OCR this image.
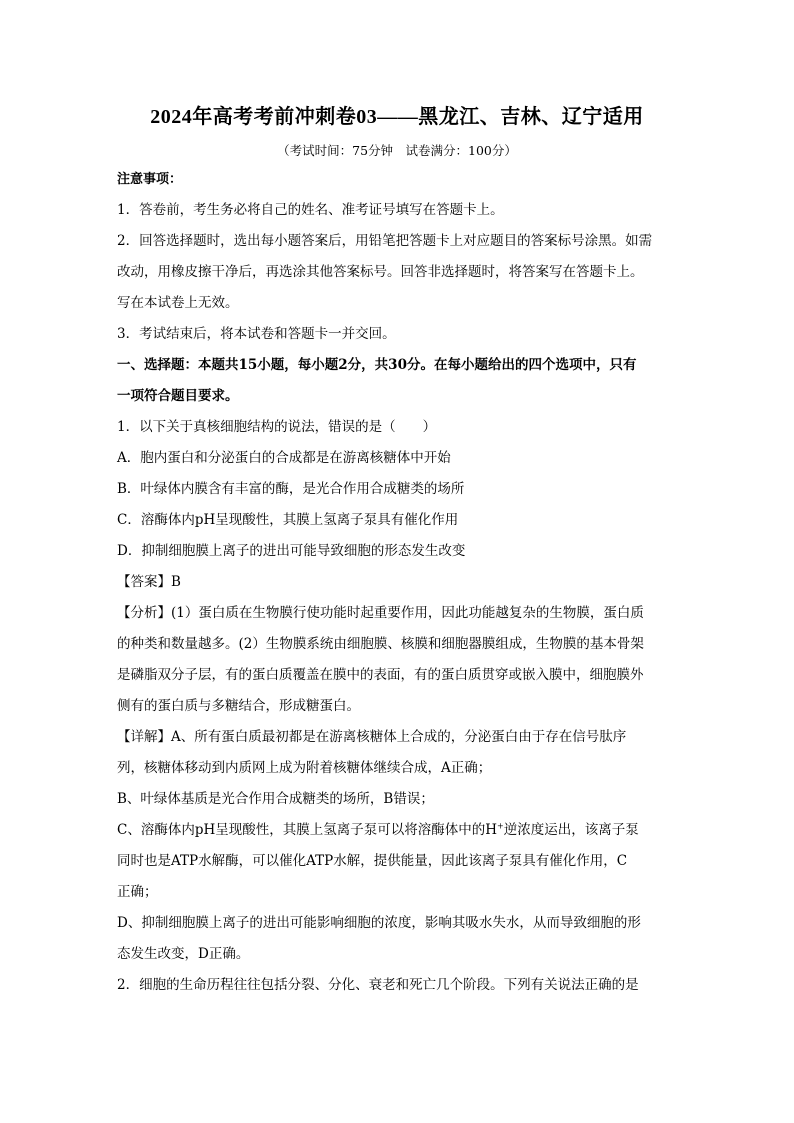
2024年高考考前冲刺卷03——黑龙江、吉林、辽宁适用
（考试时间：75分钟　试卷满分：100分）
注意事项：
1．答卷前，考生务必将自己的姓名、准考证号填写在答题卡上。
2．回答选择题时，选出每小题答案后，用铅笔把答题卡上对应题目的答案标号涂黑。如需
改动，用橡皮擦干净后，再选涂其他答案标号。回答非选择题时，将答案写在答题卡上。
写在本试卷上无效。
3．考试结束后，将本试卷和答题卡一并交回。
一、选择题：本题共15小题，每小题2分，共30分。在每小题给出的四个选项中，只有
一项符合题目要求。
1．以下关于真核细胞结构的说法，错误的是（　　）
A．胞内蛋白和分泌蛋白的合成都是在游离核糖体中开始
B．叶绿体内膜含有丰富的酶，是光合作用合成糖类的场所
C．溶酶体内pH呈现酸性，其膜上氢离子泵具有催化作用
D．抑制细胞膜上离子的进出可能导致细胞的形态发生改变
【答案】B
【分析】(1）蛋白质在生物膜行使功能时起重要作用，因此功能越复杂的生物膜，蛋白质
的种类和数量越多。(2）生物膜系统由细胞膜、核膜和细胞器膜组成，生物膜的基本骨架
是磷脂双分子层，有的蛋白质覆盖在膜中的表面，有的蛋白质贯穿或嵌入膜中，细胞膜外
侧有的蛋白质与多糖结合，形成糖蛋白。
【详解】A、所有蛋白质最初都是在游离核糖体上合成的，分泌蛋白由于存在信号肽序
列，核糖体移动到内质网上成为附着核糖体继续合成，A正确；
B、叶绿体基质是光合作用合成糖类的场所，B错误；
C、溶酶体内pH呈现酸性，其膜上氢离子泵可以将溶酶体中的H+逆浓度运出，该离子泵
同时也是ATP水解酶，可以催化ATP水解，提供能量，因此该离子泵具有催化作用，C
正确；
D、抑制细胞膜上离子的进出可能影响细胞的浓度，影响其吸水失水，从而导致细胞的形
态发生改变，D正确。
2．细胞的生命历程往往包括分裂、分化、衰老和死亡几个阶段。下列有关说法正确的是
